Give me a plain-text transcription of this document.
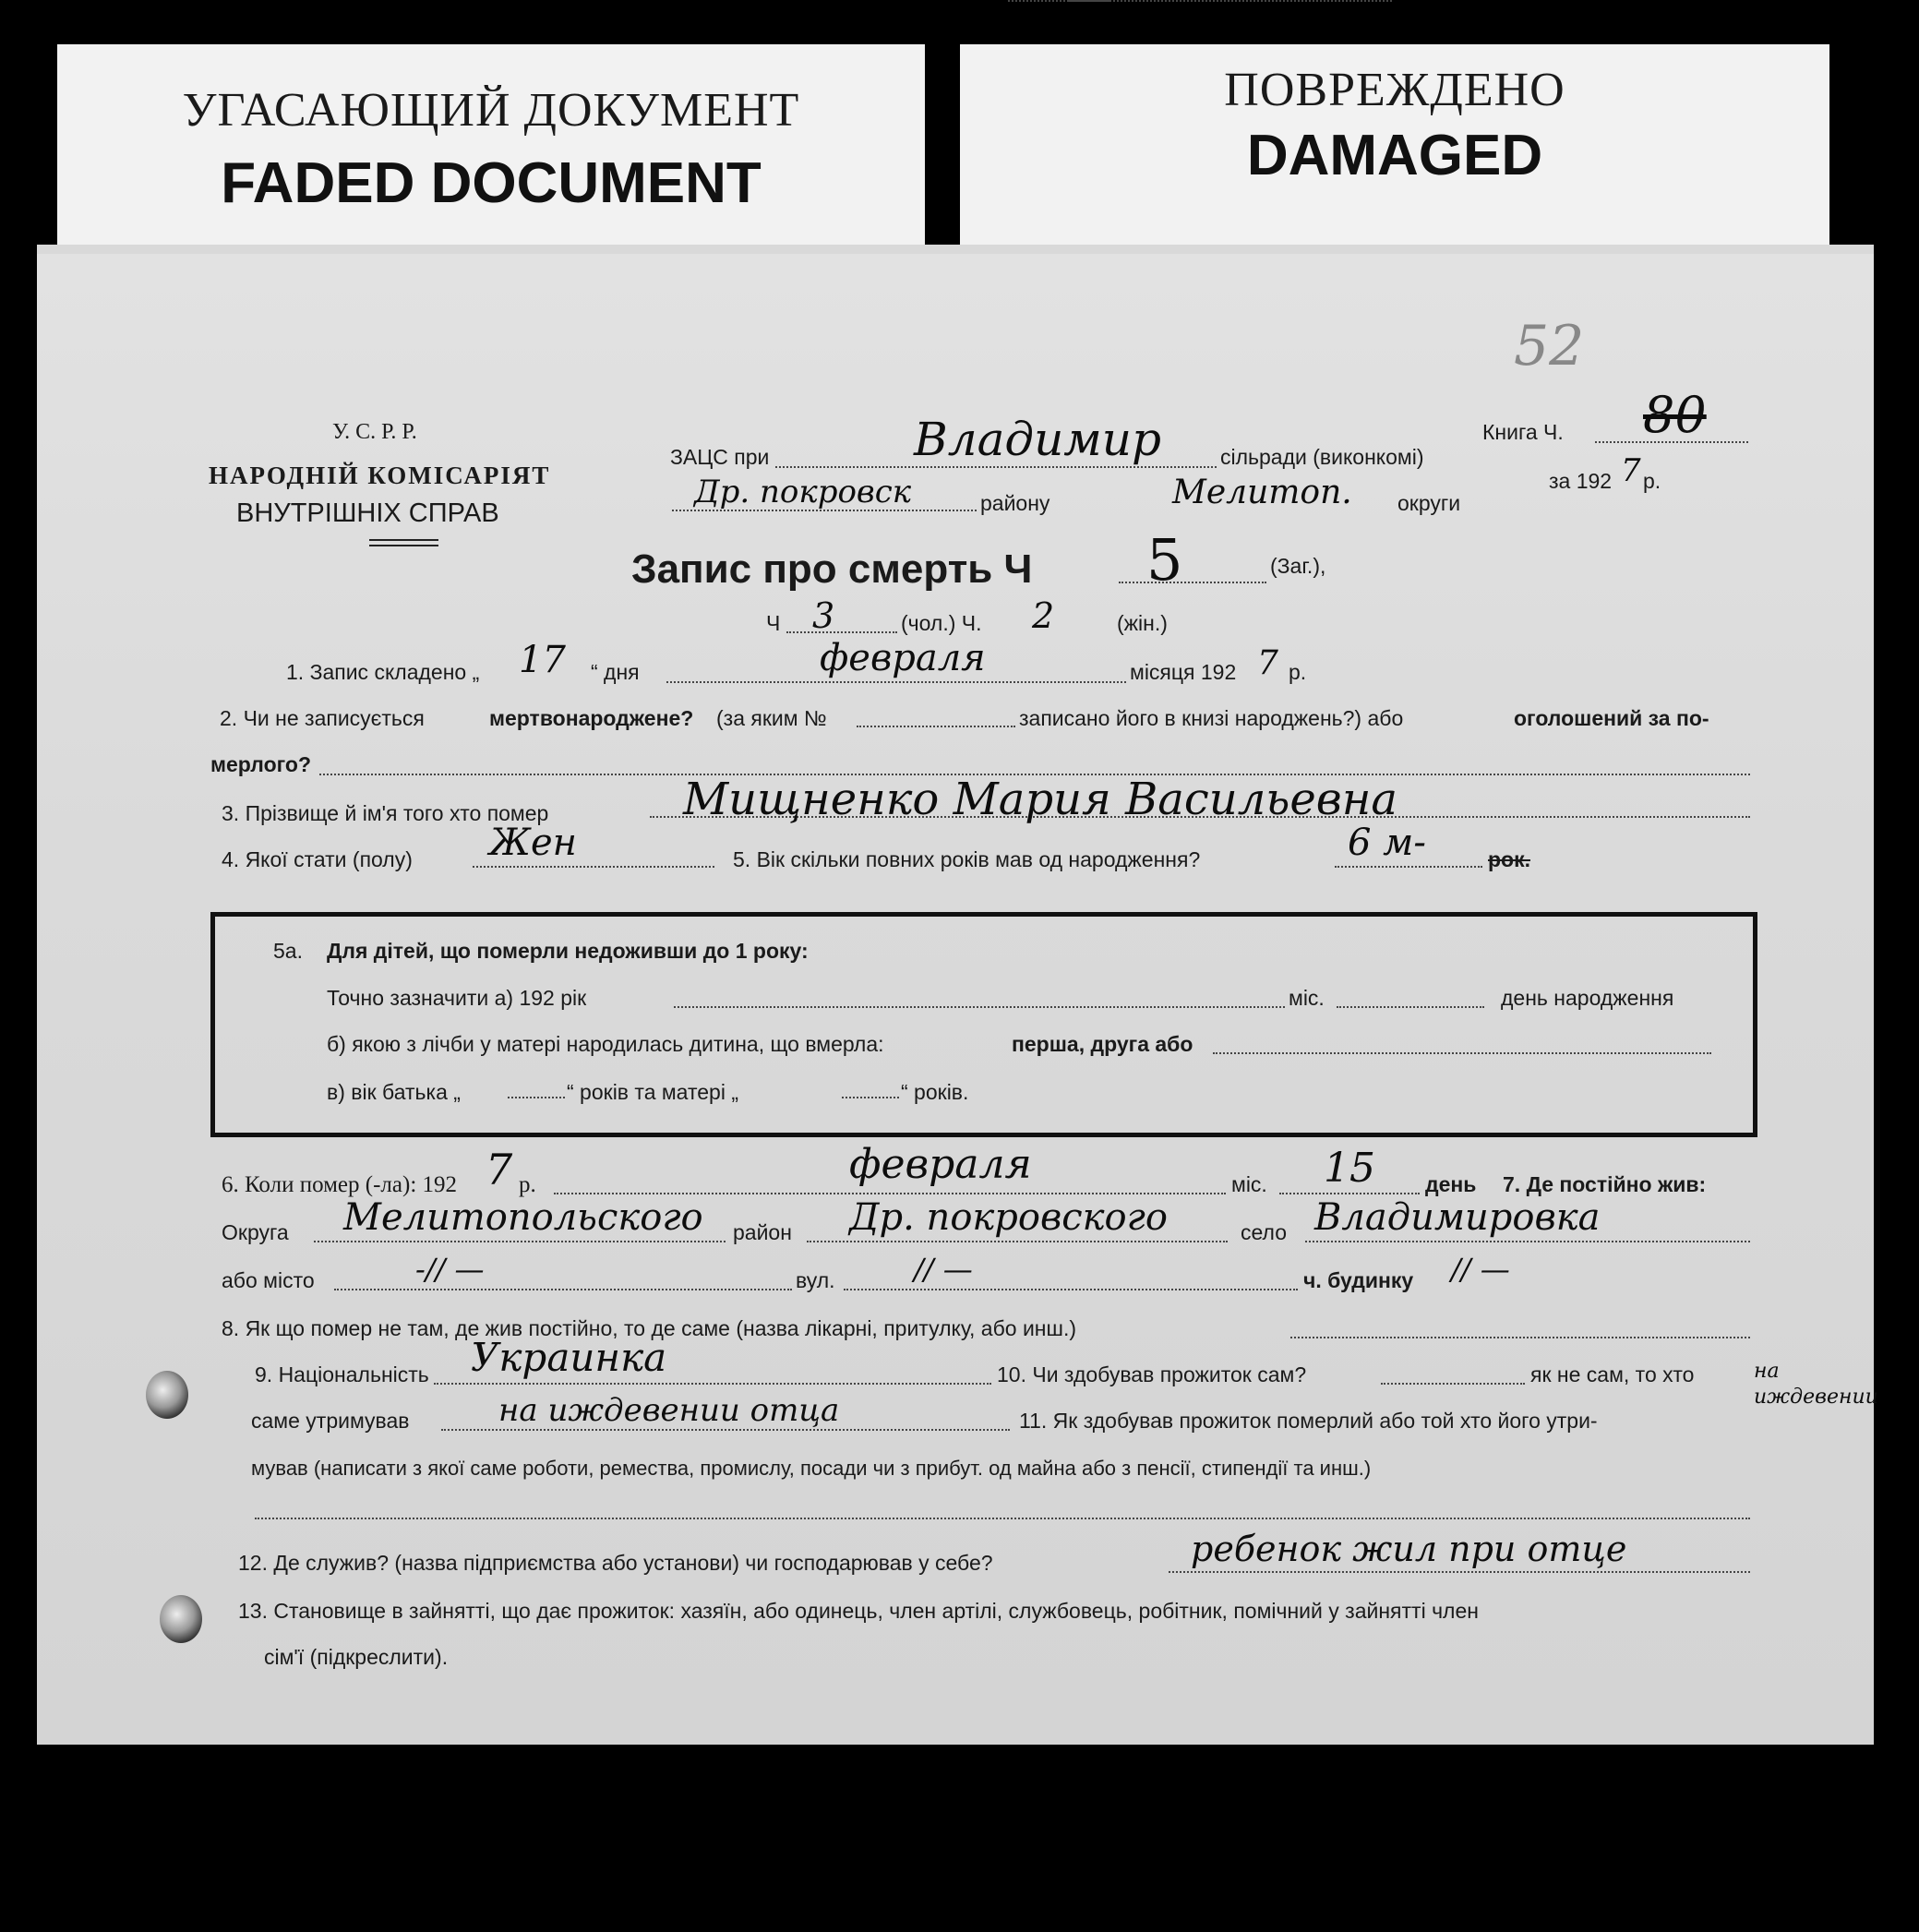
УГАСАЮЩИЙ ДОКУМЕНТ
FADED DOCUMENT
ПОВРЕЖДЕНО
DAMAGED
52
У. С. Р. Р.
НАРОДНІЙ КОМІСАРІЯТ
ВНУТРІШНІХ СПРАВ
ЗАЦС при	Владимир	сільради (виконкомі)
Др. покровск	району	Мелитоп. округи
Книга Ч. 80
за 192 7 р.
Запис про смерть Ч 5	(Заг.),
Ч 3	(чол.) Ч. 2	(жін.)
1. Запис складено „ 17 “ дня	февраля	місяця 192 7 р.
2. Чи не записується	мертвонароджене? (за яким №	записано його в книзі народжень?) або	оголошений за по-
мерлого?
3. Прізвище й ім'я того хто помер	Мищненко Мария Васильевна
4. Якої стати (полу) Жен	5. Вік скільки повних років мав од народження?	6 м-	рок.
5а. Для дітей, що померли недоживши до 1 року:
Точно зазначити а) 192 рік	міс.	день народження
б) якою з лічби у матері народилась дитина, що вмерла:	перша, друга або
в) вік батька „	“ років та матері „	“ років.
6. Коли помер (-ла): 192 7 р.	февраля	міс. 15 день 7. Де постійно жив:
Округа Мелитопольского район Др. покровского	село Владимировка
або місто	-// —	вул.	// —	ч. будинку // —
8. Як що помер не там, де жив постійно, то де саме (назва лікарні, притулку, або инш.)
9. Національність Украинка	10. Чи здобував прожиток сам?	як не сам, то хто	на иждевении
саме утримував	на иждевении отца	11. Як здобував прожиток померлий або той хто його утри-
мував (написати з якої саме роботи, ремества, промислу, посади чи з прибут. од майна або з пенсії, стипендії та инш.)
12. Де служив? (назва підприємства або установи) чи господарював у себе?	ребенок жил при отце
13. Становище в зайнятті, що дає прожиток: хазяїн, або одинець, член артілі, службовець, робітник, помічний у зайнятті член
сім'ї (підкреслити).
